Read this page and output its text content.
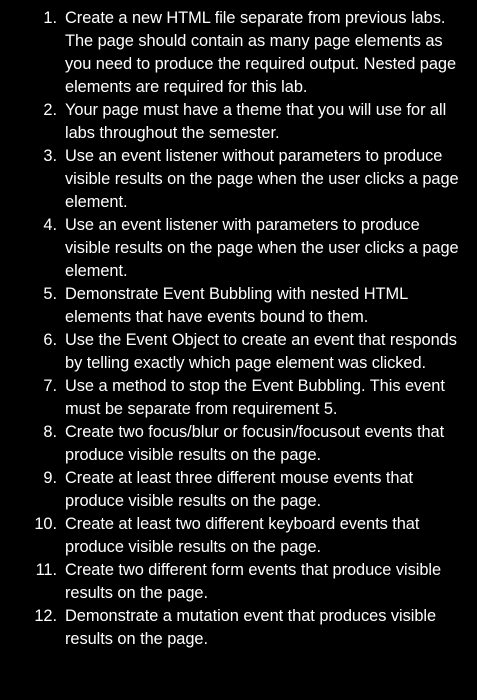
1. Create a new HTML file separate from previous labs. The page should contain as many page elements as you need to produce the required output. Nested page elements are required for this lab.
2. Your page must have a theme that you will use for all labs throughout the semester.
3. Use an event listener without parameters to produce visible results on the page when the user clicks a page element.
4. Use an event listener with parameters to produce visible results on the page when the user clicks a page element.
5. Demonstrate Event Bubbling with nested HTML elements that have events bound to them.
6. Use the Event Object to create an event that responds by telling exactly which page element was clicked.
7. Use a method to stop the Event Bubbling. This event must be separate from requirement 5.
8. Create two focus/blur or focusin/focusout events that produce visible results on the page.
9. Create at least three different mouse events that produce visible results on the page.
10. Create at least two different keyboard events that produce visible results on the page.
11. Create two different form events that produce visible results on the page.
12. Demonstrate a mutation event that produces visible results on the page.
